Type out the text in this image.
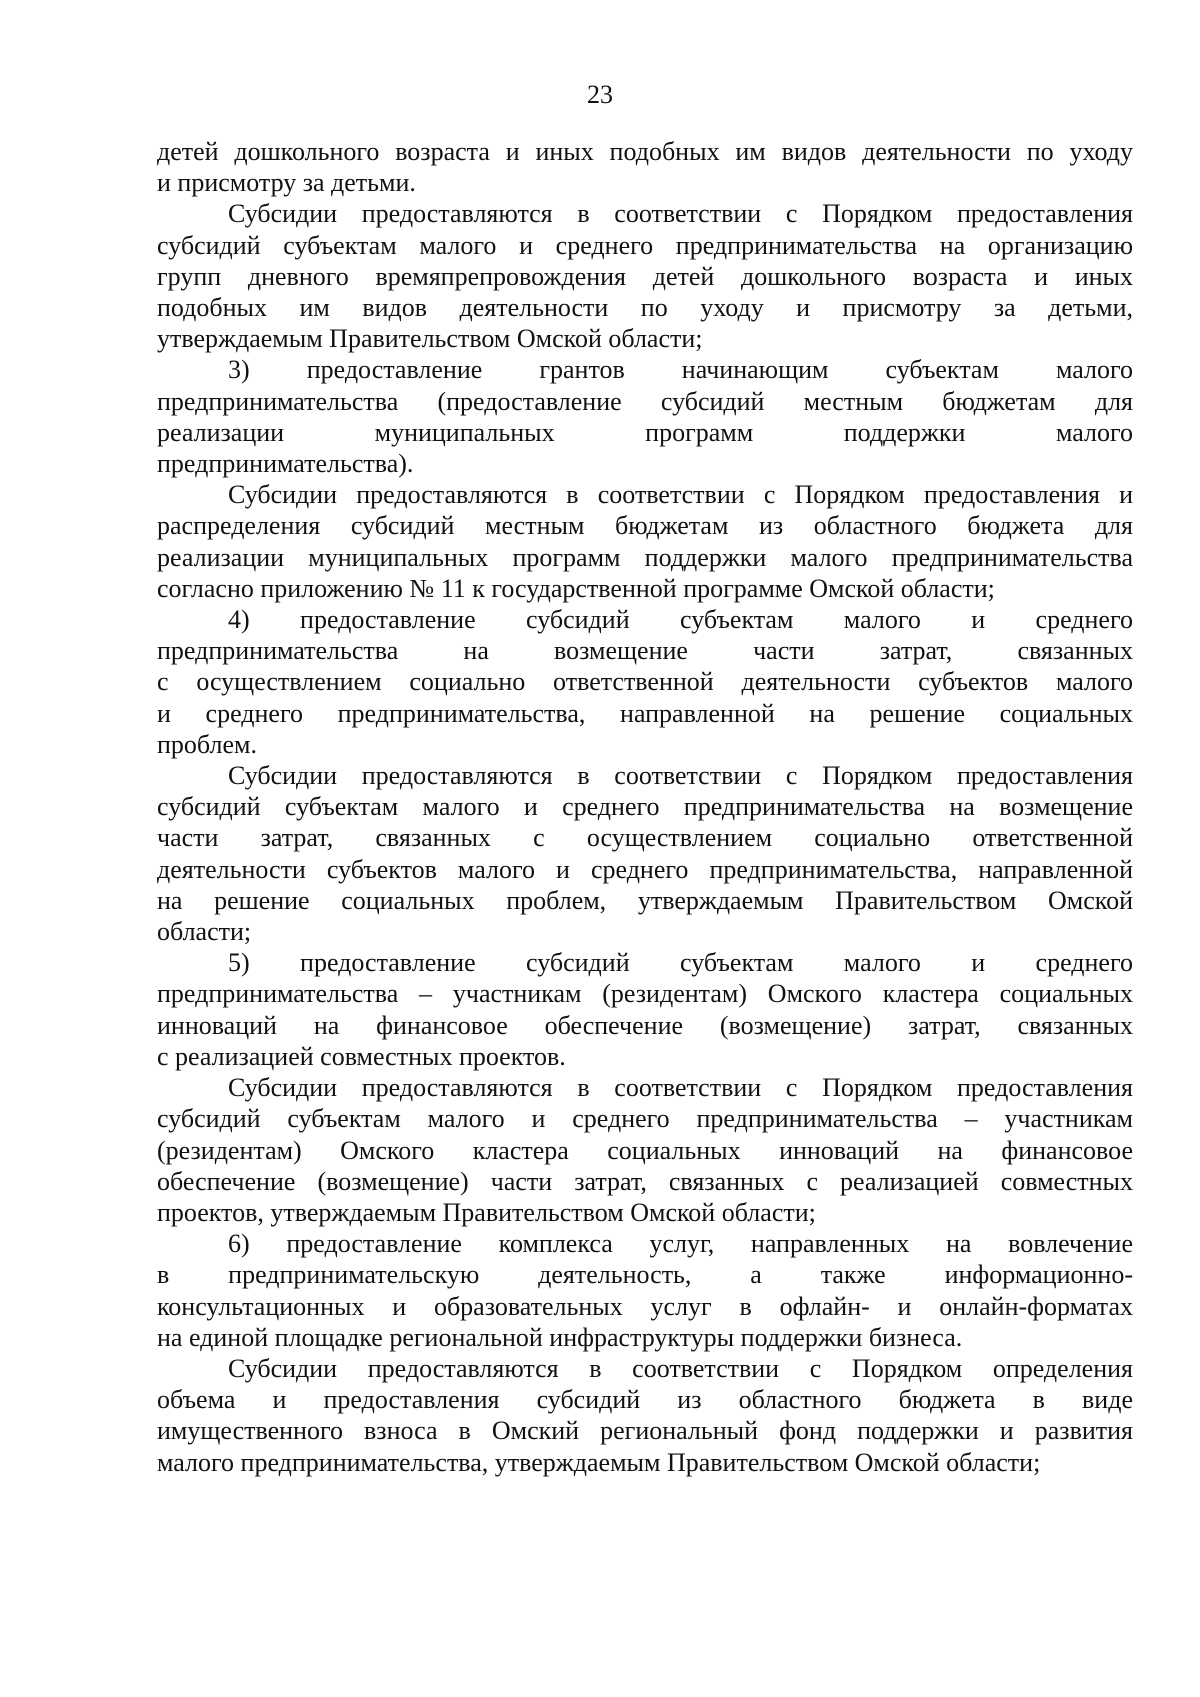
23
детей дошкольного возраста и иных подобных им видов деятельности по уходу
и присмотру за детьми.
Субсидии предоставляются в соответствии с Порядком предоставления
субсидий субъектам малого и среднего предпринимательства на организацию
групп дневного времяпрепровождения детей дошкольного возраста и иных
подобных им видов деятельности по уходу и присмотру за детьми,
утверждаемым Правительством Омской области;
3) предоставление грантов начинающим субъектам малого
предпринимательства (предоставление субсидий местным бюджетам для
реализации муниципальных программ поддержки малого
предпринимательства).
Субсидии предоставляются в соответствии с Порядком предоставления и
распределения субсидий местным бюджетам из областного бюджета для
реализации муниципальных программ поддержки малого предпринимательства
согласно приложению № 11 к государственной программе Омской области;
4) предоставление субсидий субъектам малого и среднего
предпринимательства на возмещение части затрат, связанных
с осуществлением социально ответственной деятельности субъектов малого
и среднего предпринимательства, направленной на решение социальных
проблем.
Субсидии предоставляются в соответствии с Порядком предоставления
субсидий субъектам малого и среднего предпринимательства на возмещение
части затрат, связанных с осуществлением социально ответственной
деятельности субъектов малого и среднего предпринимательства, направленной
на решение социальных проблем, утверждаемым Правительством Омской
области;
5) предоставление субсидий субъектам малого и среднего
предпринимательства – участникам (резидентам) Омского кластера социальных
инноваций на финансовое обеспечение (возмещение) затрат, связанных
с реализацией совместных проектов.
Субсидии предоставляются в соответствии с Порядком предоставления
субсидий субъектам малого и среднего предпринимательства – участникам
(резидентам) Омского кластера социальных инноваций на финансовое
обеспечение (возмещение) части затрат, связанных с реализацией совместных
проектов, утверждаемым Правительством Омской области;
6) предоставление комплекса услуг, направленных на вовлечение
в предпринимательскую деятельность, а также информационно-
консультационных и образовательных услуг в офлайн- и онлайн-форматах
на единой площадке региональной инфраструктуры поддержки бизнеса.
Субсидии предоставляются в соответствии с Порядком определения
объема и предоставления субсидий из областного бюджета в виде
имущественного взноса в Омский региональный фонд поддержки и развития
малого предпринимательства, утверждаемым Правительством Омской области;
